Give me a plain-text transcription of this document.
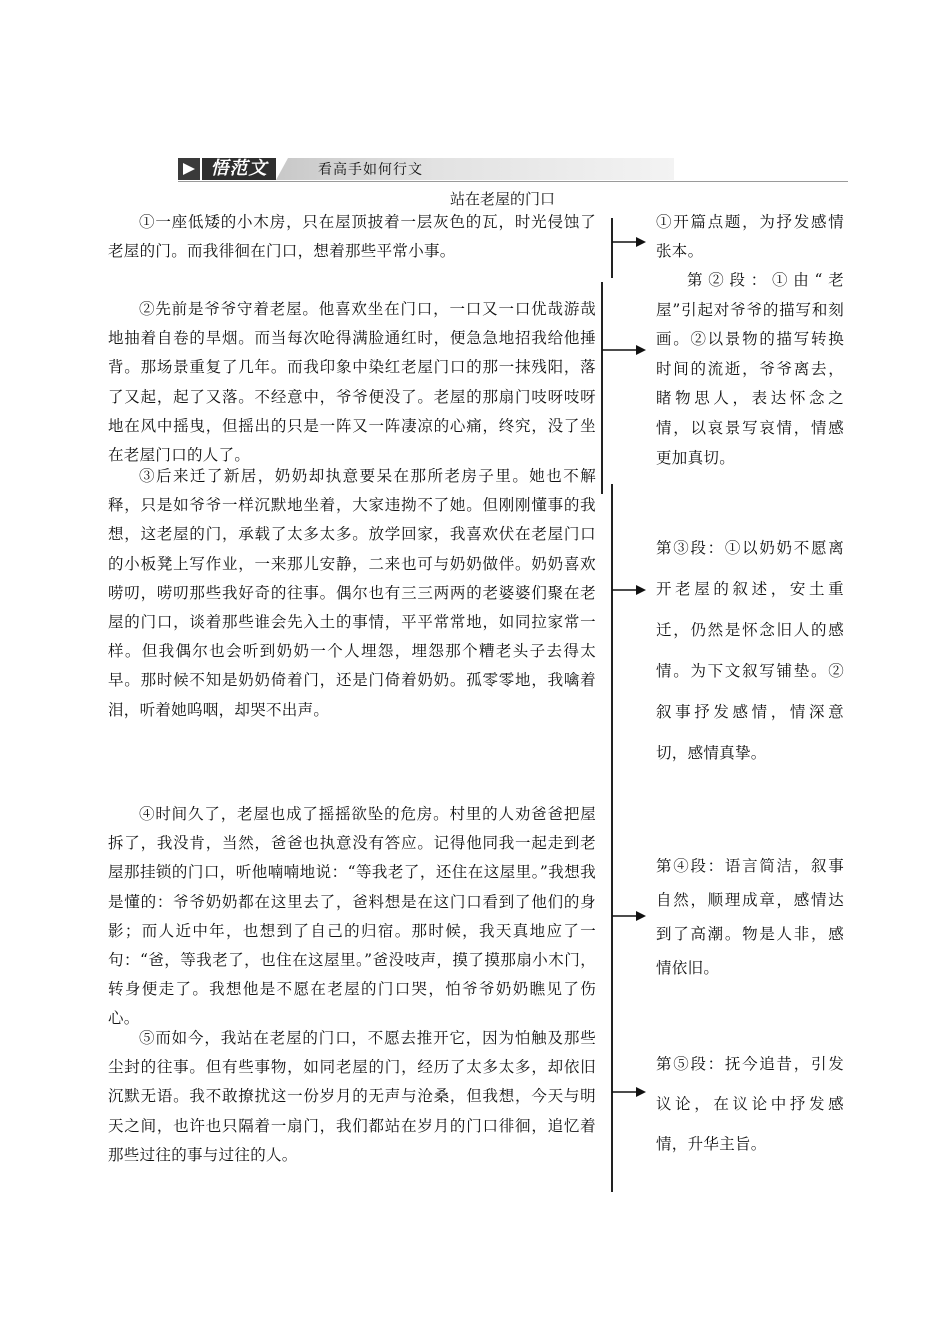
悟范文	看高手如何行文
站在老屋的门口

①一座低矮的小木房，只在屋顶披着一层灰色的瓦，时光侵蚀了老屋的门。而我徘徊在门口，想着那些平常小事。

②先前是爷爷守着老屋。他喜欢坐在门口，一口又一口优哉游哉地抽着自卷的旱烟。而当每次呛得满脸通红时，便急急地招我给他捶背。那场景重复了几年。而我印象中染红老屋门口的那一抹残阳，落了又起，起了又落。不经意中，爷爷便没了。老屋的那扇门吱呀吱呀地在风中摇曳，但摇出的只是一阵又一阵凄凉的心痛，终究，没了坐在老屋门口的人了。

③后来迁了新居，奶奶却执意要呆在那所老房子里。她也不解释，只是如爷爷一样沉默地坐着，大家违拗不了她。但刚刚懂事的我想，这老屋的门，承载了太多太多。放学回家，我喜欢伏在老屋门口的小板凳上写作业，一来那儿安静，二来也可与奶奶做伴。奶奶喜欢唠叨，唠叨那些我好奇的往事。偶尔也有三三两两的老婆婆们聚在老屋的门口，谈着那些谁会先入土的事情，平平常常地，如同拉家常一样。但我偶尔也会听到奶奶一个人埋怨，埋怨那个糟老头子去得太早。那时候不知是奶奶倚着门，还是门倚着奶奶。孤零零地，我噙着泪，听着她呜咽，却哭不出声。

④时间久了，老屋也成了摇摇欲坠的危房。村里的人劝爸爸把屋拆了，我没肯，当然，爸爸也执意没有答应。记得他同我一起走到老屋那挂锁的门口，听他喃喃地说：“等我老了，还住在这屋里。”我想我是懂的：爷爷奶奶都在这里去了，爸料想是在这门口看到了他们的身影；而人近中年，也想到了自己的归宿。那时候，我天真地应了一句：“爸，等我老了，也住在这屋里。”爸没吱声，摸了摸那扇小木门，转身便走了。我想他是不愿在老屋的门口哭，怕爷爷奶奶瞧见了伤心。

⑤而如今，我站在老屋的门口，不愿去推开它，因为怕触及那些尘封的往事。但有些事物，如同老屋的门，经历了太多太多，却依旧沉默无语。我不敢撩扰这一份岁月的无声与沧桑，但我想，今天与明天之间，也许也只隔着一扇门，我们都站在岁月的门口徘徊，追忆着那些过往的事与过往的人。

①开篇点题，为抒发感情张本。

第②段：①由“老屋”引起对爷爷的描写和刻画。②以景物的描写转换时间的流逝，爷爷离去，睹物思人，表达怀念之情，以哀景写哀情，情感更加真切。

第③段：①以奶奶不愿离开老屋的叙述，安土重迁，仍然是怀念旧人的感情。为下文叙写铺垫。②叙事抒发感情，情深意切，感情真挚。

第④段：语言简洁，叙事自然，顺理成章，感情达到了高潮。物是人非，感情依旧。

第⑤段：抚今追昔，引发议论，在议论中抒发感情，升华主旨。
